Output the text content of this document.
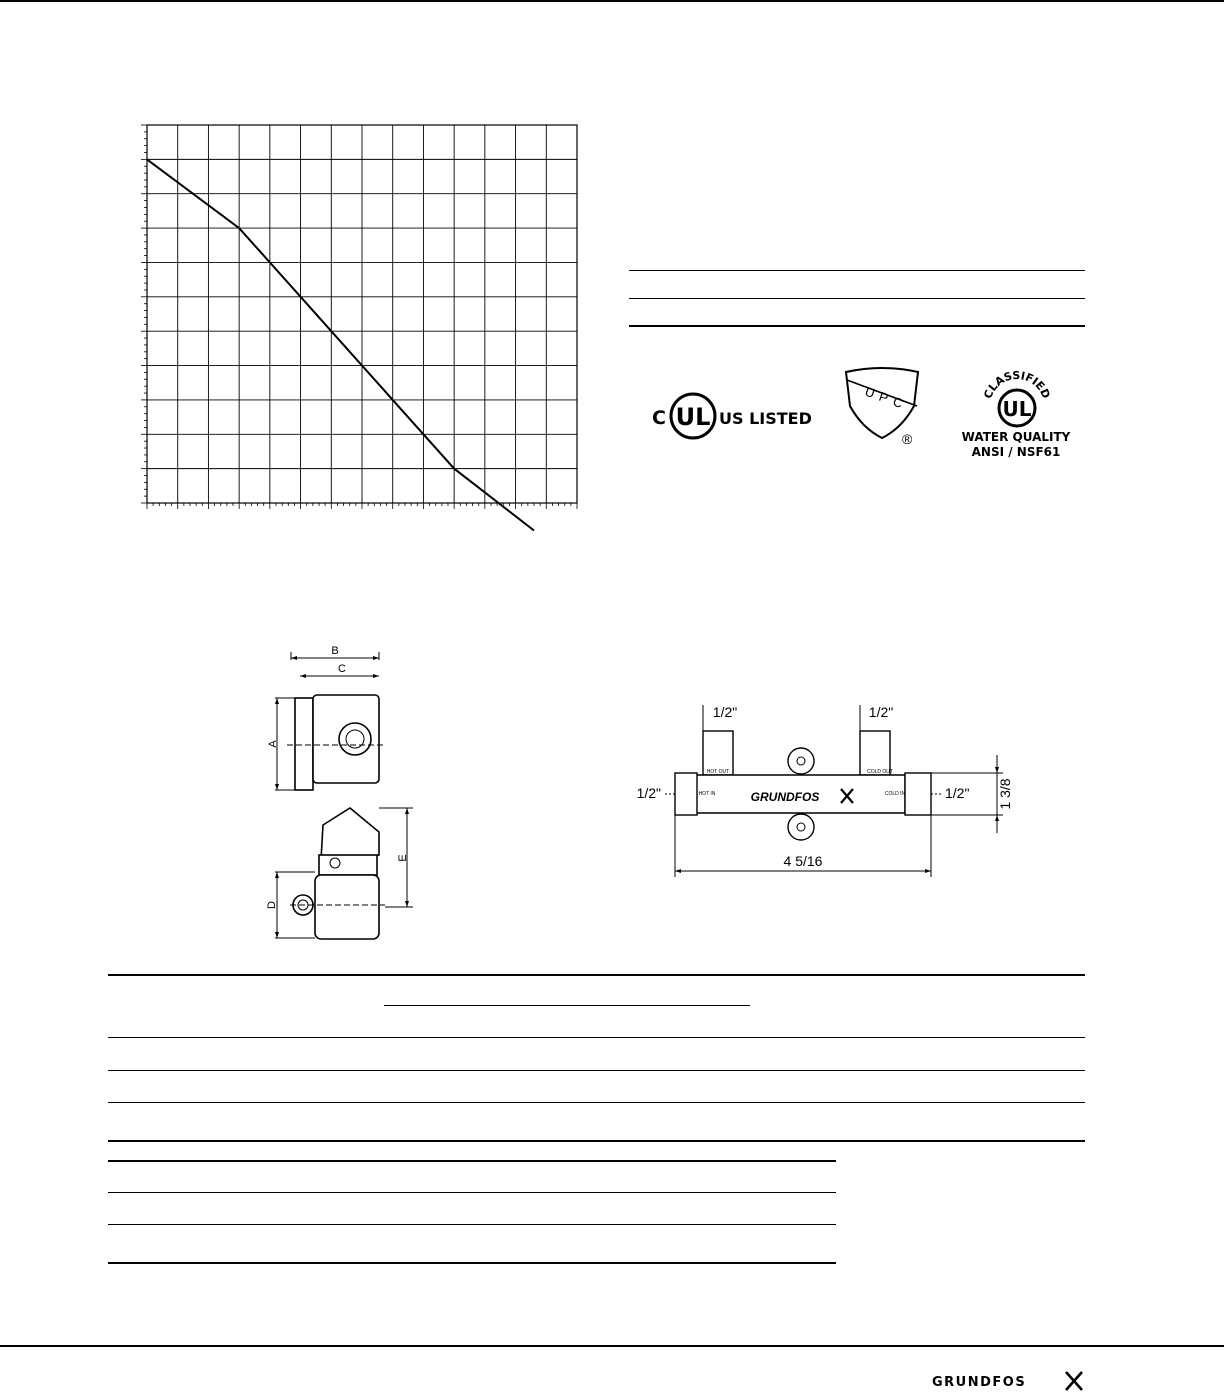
C UL US LISTED
U P C
®
CLASSIFIED
UL
WATER QUALITY
ANSI / NSF61
B
C
A
D
E
1/2"	1/2"
HOT OUT	COLD OUT
HOT IN	COLD IN
GRUNDFOS
1/2"	1/2" 1 3/8
4 5/16
GRUNDFOS
